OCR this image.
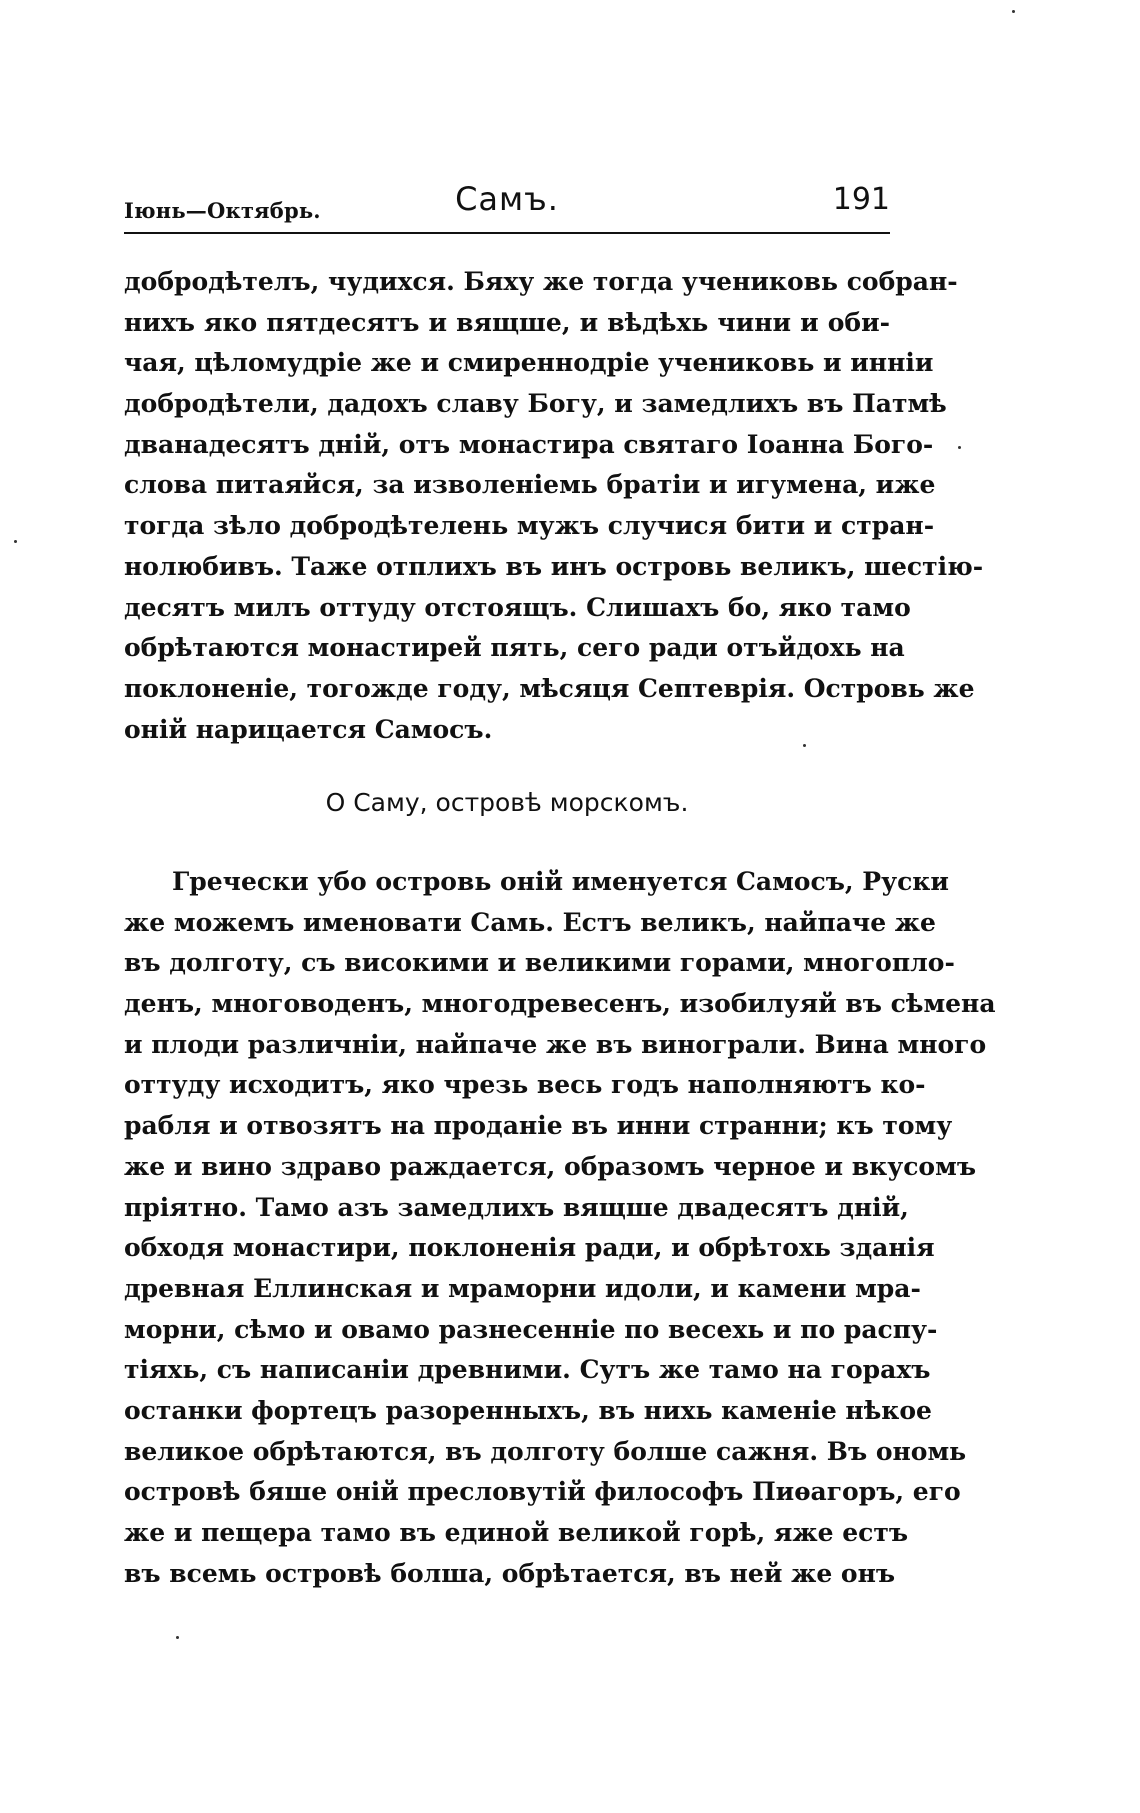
Іюнь—Октябрь.	Самъ.	191
добродѣтелъ, чудихся. Бяху же тогда учениковь собран-
нихъ яко пятдесятъ и вящше, и вѣдѣхь чини и оби-
чая, цѣломудріе же и смиреннодріе учениковь и инніи
добродѣтели, дадохъ славу Богу, и замедлихъ въ Патмѣ
дванадесятъ дній, отъ монастира святаго Іоанна Бого-
слова питаяйся, за изволеніемь братіи и игумена, иже
тогда зѣло добродѣтелень мужъ случися бити и стран-
нолюбивъ. Таже отплихъ въ инъ островь великъ, шестію-
десятъ милъ оттуду отстоящъ. Слишахъ бо, яко тамо
обрѣтаются монастирей пять, сего ради отъйдохь на
поклоненіе, тогожде году, мѣсяця Септеврія. Островь же
оній нарицается Самосъ.
О Саму, островѣ морскомъ.
Гречески убо островь оній именуется Самосъ, Руски
же можемъ именовати Самь. Естъ великъ, найпаче же
въ долготу, съ високими и великими горами, многопло-
денъ, многоводенъ, многодревесенъ, изобилуяй въ сѣмена
и плоди различніи, найпаче же въ винограли. Вина много
оттуду исходитъ, яко чрезь весь годъ наполняютъ ко-
рабля и отвозятъ на проданіе въ инни странни; къ тому
же и вино здраво раждается, образомъ черное и вкусомъ
пріятно. Тамо азъ замедлихъ вящше двадесятъ дній,
обходя монастири, поклоненія ради, и обрѣтохь зданія
древная Еллинская и мраморни идоли, и камени мра-
морни, сѣмо и овамо разнесенніе по весехь и по распу-
тіяхь, съ написаніи древними. Сутъ же тамо на горахъ
останки фортецъ разоренныхъ, въ нихь каменіе нѣкое
великое обрѣтаются, въ долготу болше сажня. Въ ономь
островѣ бяше оній пресловутій философъ Пиѳагоръ, его
же и пещера тамо въ единой великой горѣ, яже естъ
въ всемь островѣ болша, обрѣтается, въ ней же онъ
